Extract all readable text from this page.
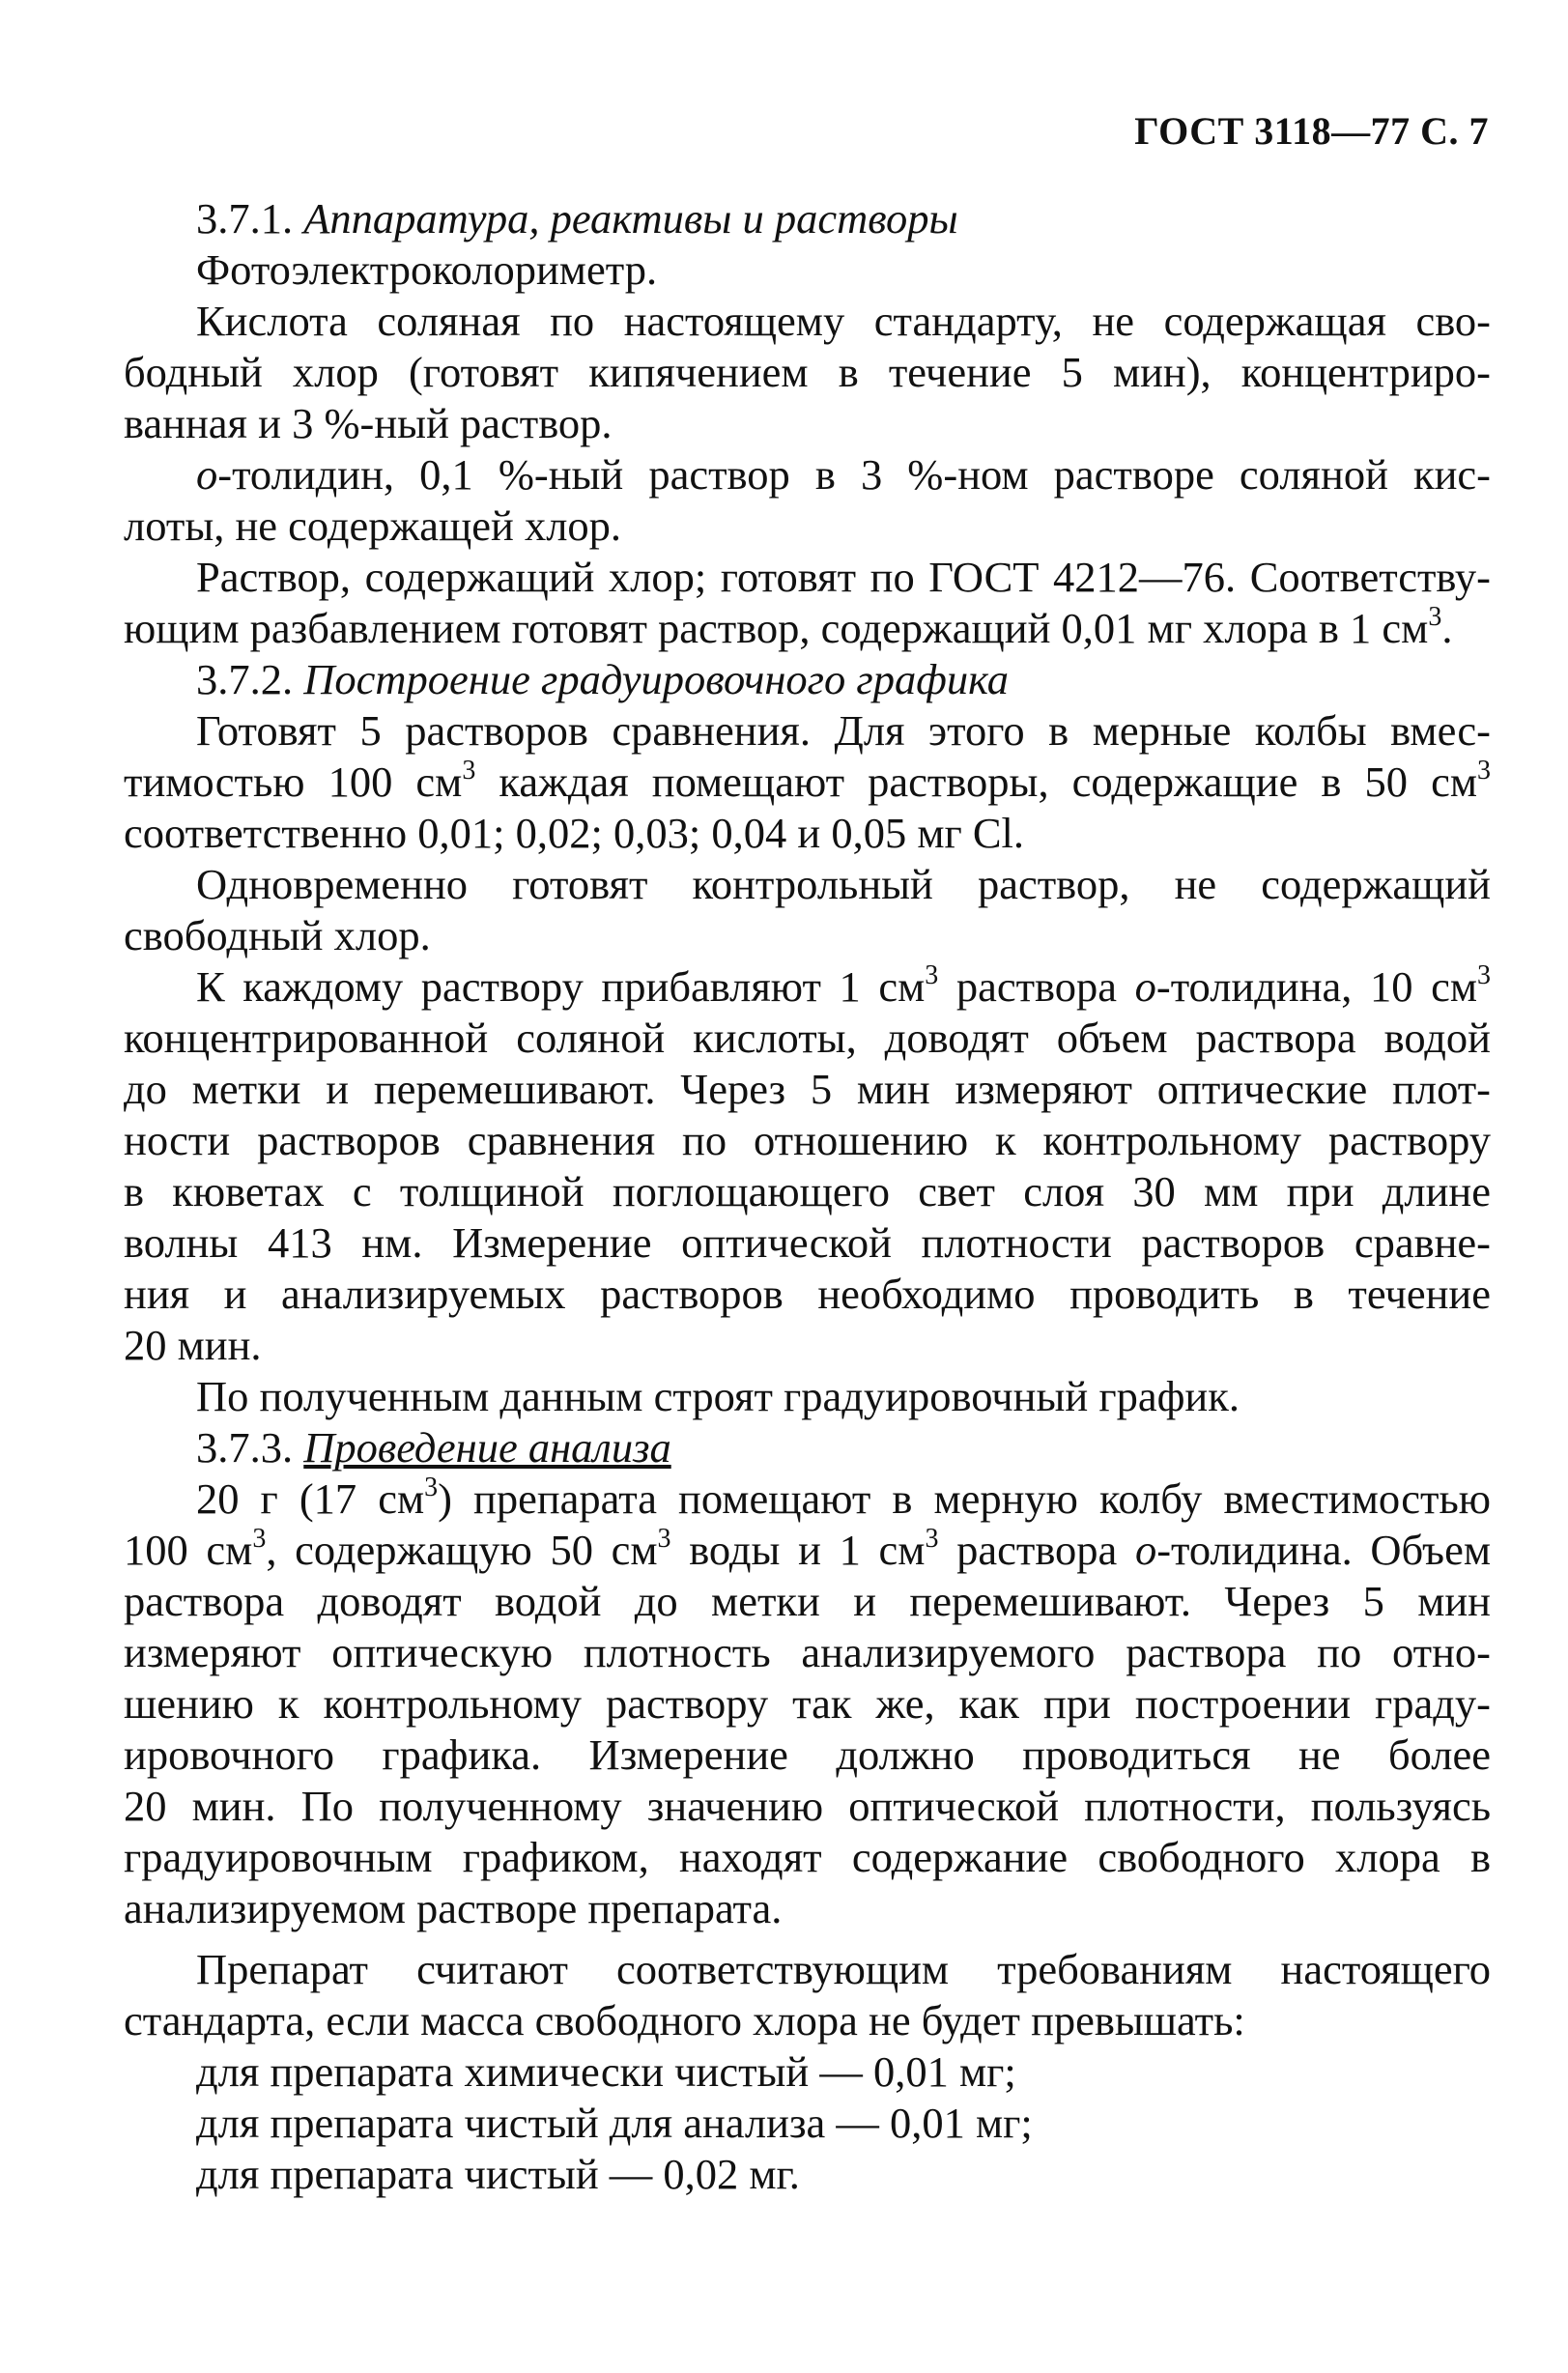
ГОСТ 3118—77 С. 7
3.7.1. Аппаратура, реактивы и растворы
Фотоэлектроколориметр.
Кислота соляная по настоящему стандарту, не содержащая сво-
бодный хлор (готовят кипячением в течение 5 мин), концентриро-
ванная и 3 %-ный раствор.
о-толидин, 0,1 %-ный раствор в 3 %-ном растворе соляной кис-
лоты, не содержащей хлор.
Раствор, содержащий хлор; готовят по ГОСТ 4212—76. Соответству-
ющим разбавлением готовят раствор, содержащий 0,01 мг хлора в 1 $см^3$.
3.7.2. Построение градуировочного графика
Готовят 5 растворов сравнения. Для этого в мерные колбы вмес-
тимостью 100 $см^3$ каждая помещают растворы, содержащие в 50 $см^3$
соответственно 0,01; 0,02; 0,03; 0,04 и 0,05 мг Cl.
Одновременно готовят контрольный раствор, не содержащий
свободный хлор.
К каждому раствору прибавляют 1 $см^3$ раствора о-толидина, 10 $см^3$
концентрированной соляной кислоты, доводят объем раствора водой
до метки и перемешивают. Через 5 мин измеряют оптические плот-
ности растворов сравнения по отношению к контрольному раствору
в кюветах с толщиной поглощающего свет слоя 30 мм при длине
волны 413 нм. Измерение оптической плотности растворов сравне-
ния и анализируемых растворов необходимо проводить в течение
20 мин.
По полученным данным строят градуировочный график.
3.7.3. Проведение анализа
20 г (17 $см^3$) препарата помещают в мерную колбу вместимостью
100 $см^3$, содержащую 50 $см^3$ воды и 1 $см^3$ раствора о-толидина. Объем
раствора доводят водой до метки и перемешивают. Через 5 мин
измеряют оптическую плотность анализируемого раствора по отно-
шению к контрольному раствору так же, как при построении граду-
ировочного графика. Измерение должно проводиться не более
20 мин. По полученному значению оптической плотности, пользуясь
градуировочным графиком, находят содержание свободного хлора в
анализируемом растворе препарата.
Препарат считают соответствующим требованиям настоящего
стандарта, если масса свободного хлора не будет превышать:
для препарата химически чистый — 0,01 мг;
для препарата чистый для анализа — 0,01 мг;
для препарата чистый — 0,02 мг.
